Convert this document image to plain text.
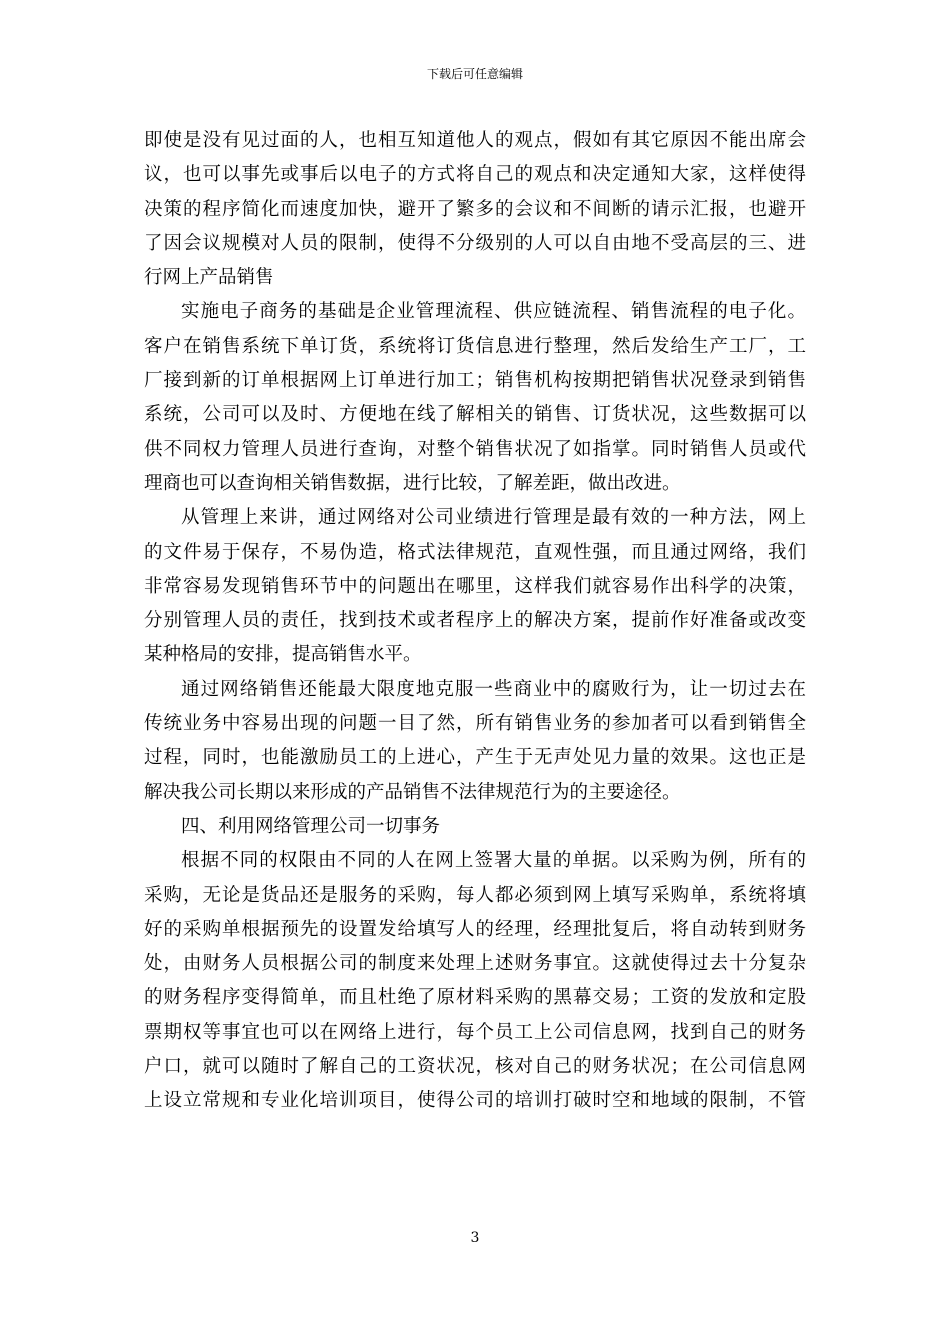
下载后可任意编辑
即使是没有见过面的人，也相互知道他人的观点，假如有其它原因不能出席会
议，也可以事先或事后以电子的方式将自己的观点和决定通知大家，这样使得
决策的程序简化而速度加快，避开了繁多的会议和不间断的请示汇报，也避开
了因会议规模对人员的限制，使得不分级别的人可以自由地不受高层的三、进
行网上产品销售
实施电子商务的基础是企业管理流程、供应链流程、销售流程的电子化。
客户在销售系统下单订货，系统将订货信息进行整理，然后发给生产工厂，工
厂接到新的订单根据网上订单进行加工；销售机构按期把销售状况登录到销售
系统，公司可以及时、方便地在线了解相关的销售、订货状况，这些数据可以
供不同权力管理人员进行查询，对整个销售状况了如指掌。同时销售人员或代
理商也可以查询相关销售数据，进行比较，了解差距，做出改进。
从管理上来讲，通过网络对公司业绩进行管理是最有效的一种方法，网上
的文件易于保存，不易伪造，格式法律规范，直观性强，而且通过网络，我们
非常容易发现销售环节中的问题出在哪里，这样我们就容易作出科学的决策，
分别管理人员的责任，找到技术或者程序上的解决方案，提前作好准备或改变
某种格局的安排，提高销售水平。
通过网络销售还能最大限度地克服一些商业中的腐败行为，让一切过去在
传统业务中容易出现的问题一目了然，所有销售业务的参加者可以看到销售全
过程，同时，也能激励员工的上进心，产生于无声处见力量的效果。这也正是
解决我公司长期以来形成的产品销售不法律规范行为的主要途径。
四、利用网络管理公司一切事务
根据不同的权限由不同的人在网上签署大量的单据。以采购为例，所有的
采购，无论是货品还是服务的采购，每人都必须到网上填写采购单，系统将填
好的采购单根据预先的设置发给填写人的经理，经理批复后，将自动转到财务
处，由财务人员根据公司的制度来处理上述财务事宜。这就使得过去十分复杂
的财务程序变得简单，而且杜绝了原材料采购的黑幕交易；工资的发放和定股
票期权等事宜也可以在网络上进行，每个员工上公司信息网，找到自己的财务
户口，就可以随时了解自己的工资状况，核对自己的财务状况；在公司信息网
上设立常规和专业化培训项目，使得公司的培训打破时空和地域的限制，不管
3
